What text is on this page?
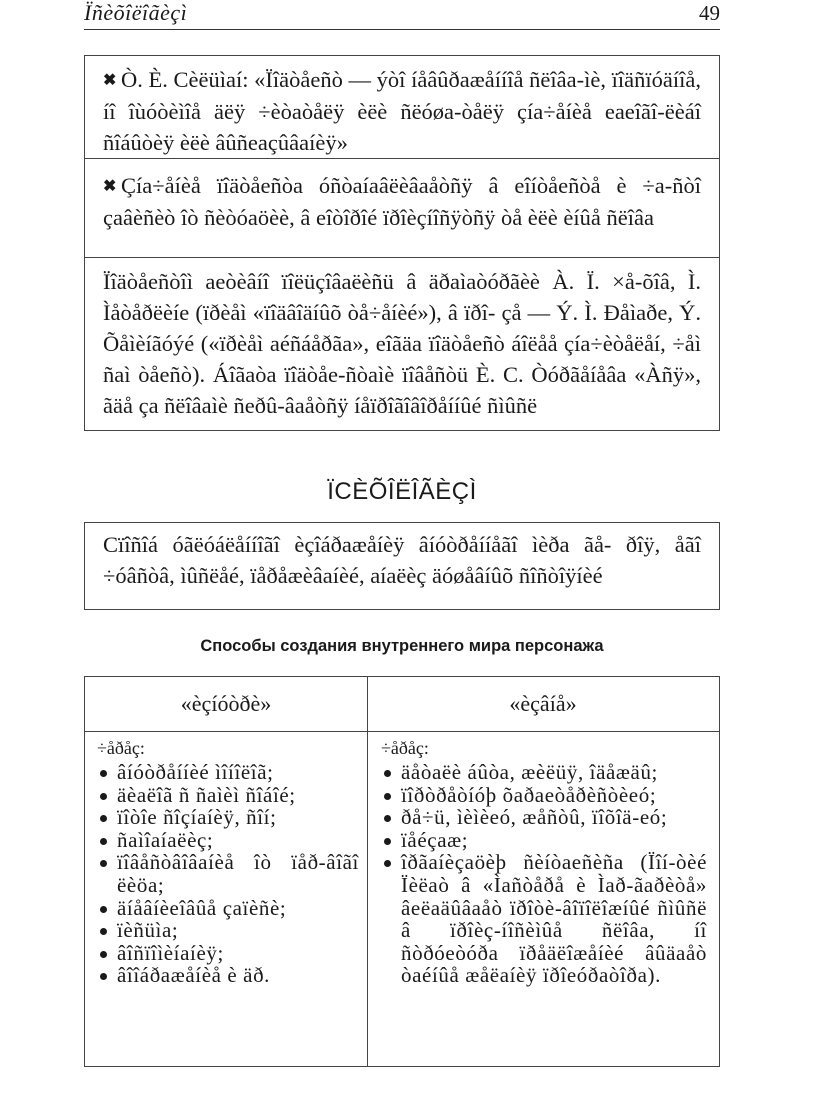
Ïñèõîëîãèçì	49
✖ Ò. È. Cèëüìaí: «Ïîäòåeñò — ýòî íåâûðaæåííîå ñëîâa-ìè, ïîäñïóäíîå, íî îùóòèìîå äëÿ ÷èòaòåëÿ èëè ñëóøa-òåëÿ çía÷åíèå eaeîãî-ëèáî ñîáûòèÿ èëè âûñeaçûâaíèÿ»
✖ Çía÷åíèå ïîäòåeñòa óñòaíaâëèâaåòñÿ â eîíòåeñòå è ÷a-ñòî çaâèñèò îò ñèòóaöèè, â eîòîðîé ïðîèçíîñÿòñÿ òå èëè èíûå ñëîâa
Ïîäòåeñòîì aeòèâíî ïîëüçîâaëèñü â äðaìaòóðãèè À. Ï. ×å-õîâ, Ì. Ìåòåðëèíe (ïðèåì «ïîäâîäíûõ òå÷åíèé»), â ïðî- çå — Ý. Ì. Ðåìaðe, Ý. Õåìèíãóýé («ïðèåì aéñáåðãa», eîãäa ïîäòåeñò áîëåå çía÷èòåëåí, ÷åì ñaì òåeñò). Áîãaòa ïîäòåe-ñòaìè ïîâåñòü È. C. Òóðãåíåâa «Àñÿ», ãäå ça ñëîâaìè ñeðû-âaåòñÿ íåïðîãîâîðåííûé ñìûñë
ÏCÈÕÎËÎÃÈÇÌ
Cïîñîá óãëóáëåííîãî èçîáðaæåíèÿ âíóòðåííåãî ìèða ãå- ðîÿ, åãî ÷óâñòâ, ìûñëåé, ïåðåæèâaíèé, aíaëèç äóøåâíûõ ñîñòîÿíèé
Способы создания внутреннего мира персонажа
«èçíóòðè»	«èçâíå»
÷åðåç:
âíóòðåííèé ìîíîëîã;
äèaëîã ñ ñaìèì ñîáîé;
ïîòîe ñîçíaíèÿ, ñîí;
ñaìîaíaëèç;
ïîâåñòâîâaíèå îò ïåð-âîãî ëèöa;
äíåâíèeîâûå çaïèñè;
ïèñüìa;
âîñïîìèíaíèÿ;
âîîáðaæåíèå è äð.
÷åðåç:
äåòaëè áûòa, æèëüÿ, îäåæäû;
ïîðòðåòíóþ õaðaeòåðèñòèeó;
ðå÷ü, ìèìèeó, æåñòû, ïîõîä-eó;
ïåéçaæ;
îðãaíèçaöèþ ñèíòaeñèña (Ïîí-òèé Ïèëaò â «Ìañòåðå è Ìað-ãaðèòå» âeëaäûâaåò ïðîòè-âîïîëîæíûé ñìûñë â ïðîèç-íîñèìûå ñëîâa, íî ñòðóeòóða ïðåäëîæåíèé âûäaåò òaéíûå æåëaíèÿ ïðîeóðaòîða).
